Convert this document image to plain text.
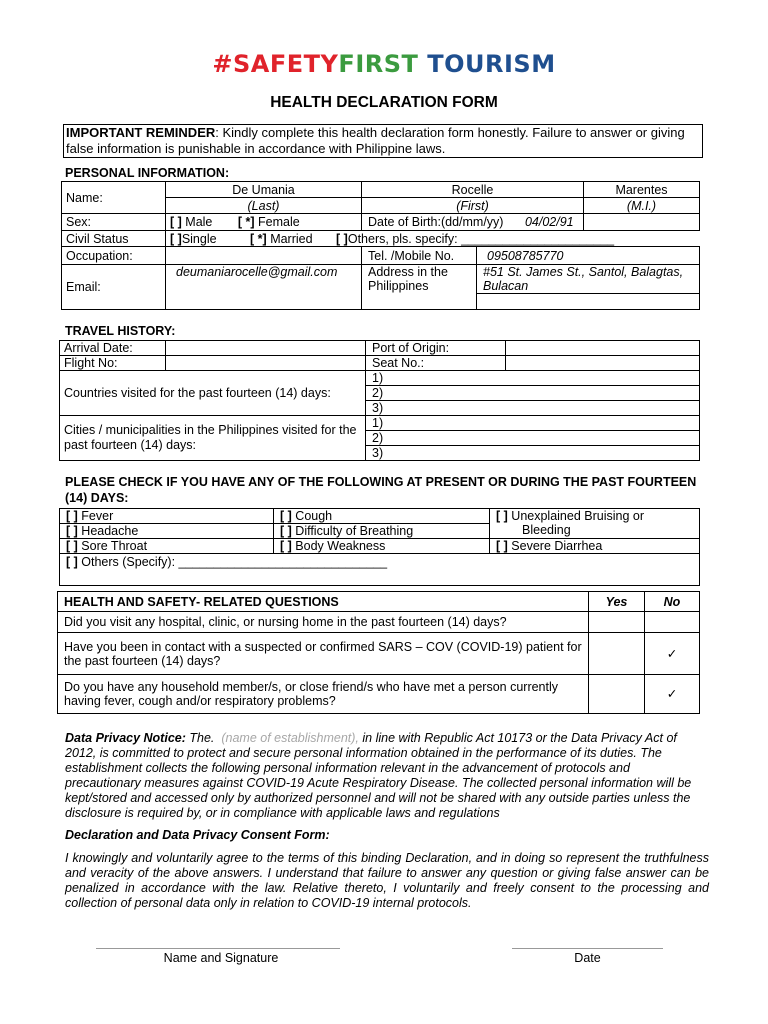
#SAFETYFIRST TOURISM
HEALTH DECLARATION FORM
IMPORTANT REMINDER: Kindly complete this health declaration form honestly. Failure to answer or giving false information is punishable in accordance with Philippine laws.
PERSONAL INFORMATION:
Name:	De Umania	Rocelle		Marentes
	(Last)	(First)		(M.I.)
Sex:	[ ] Male [ *] Female	Date of Birth:(dd/mm/yy) 04/02/91		
Civil Status	[ ]Single [ *] Married [ ]Others, pls. specify: ______________________			
Occupation:		Tel. /Mobile No.	09508785770	
Email:	deumaniarocelle@gmail.com	Address in the Philippines	#51 St. James St., Santol, Balagtas, Bulacan	

TRAVEL HISTORY:
Arrival Date:		Port of Origin:	
Flight No:		Seat No.:	
Countries visited for the past fourteen (14) days:		1)	
		2)	
		3)	
Cities / municipalities in the Philippines visited for the past fourteen (14) days:		1)	
		2)	
		3)	
PLEASE CHECK IF YOU HAVE ANY OF THE FOLLOWING AT PRESENT OR DURING THE PAST FOURTEEN (14) DAYS:
[ ] Fever	[ ] Cough	[ ] Unexplained Bruising or
Bleeding
[ ] Headache	[ ] Difficulty of Breathing	
[ ] Sore Throat	[ ] Body Weakness	[ ] Severe Diarrhea
[ ] Others (Specify): ______________________________		
HEALTH AND SAFETY- RELATED QUESTIONS	Yes	No
Did you visit any hospital, clinic, or nursing home in the past fourteen (14) days?		
Have you been in contact with a suspected or confirmed SARS – COV (COVID-19) patient for the past fourteen (14) days?		✓
Do you have any household member/s, or close friend/s who have met a person currently having fever, cough and/or respiratory problems?		✓
Data Privacy Notice: The. (name of establishment), in line with Republic Act 10173 or the Data Privacy Act of 2012, is committed to protect and secure personal information obtained in the performance of its duties. The establishment collects the following personal information relevant in the advancement of protocols and precautionary measures against COVID-19 Acute Respiratory Disease. The collected personal information will be kept/stored and accessed only by authorized personnel and will not be shared with any outside parties unless the disclosure is required by, or in compliance with applicable laws and regulations
Declaration and Data Privacy Consent Form:
I knowingly and voluntarily agree to the terms of this binding Declaration, and in doing so represent the truthfulness and veracity of the above answers. I understand that failure to answer any question or giving false answer can be penalized in accordance with the law. Relative thereto, I voluntarily and freely consent to the processing and collection of personal data only in relation to COVID-19 internal protocols.
Name and Signature	Date
